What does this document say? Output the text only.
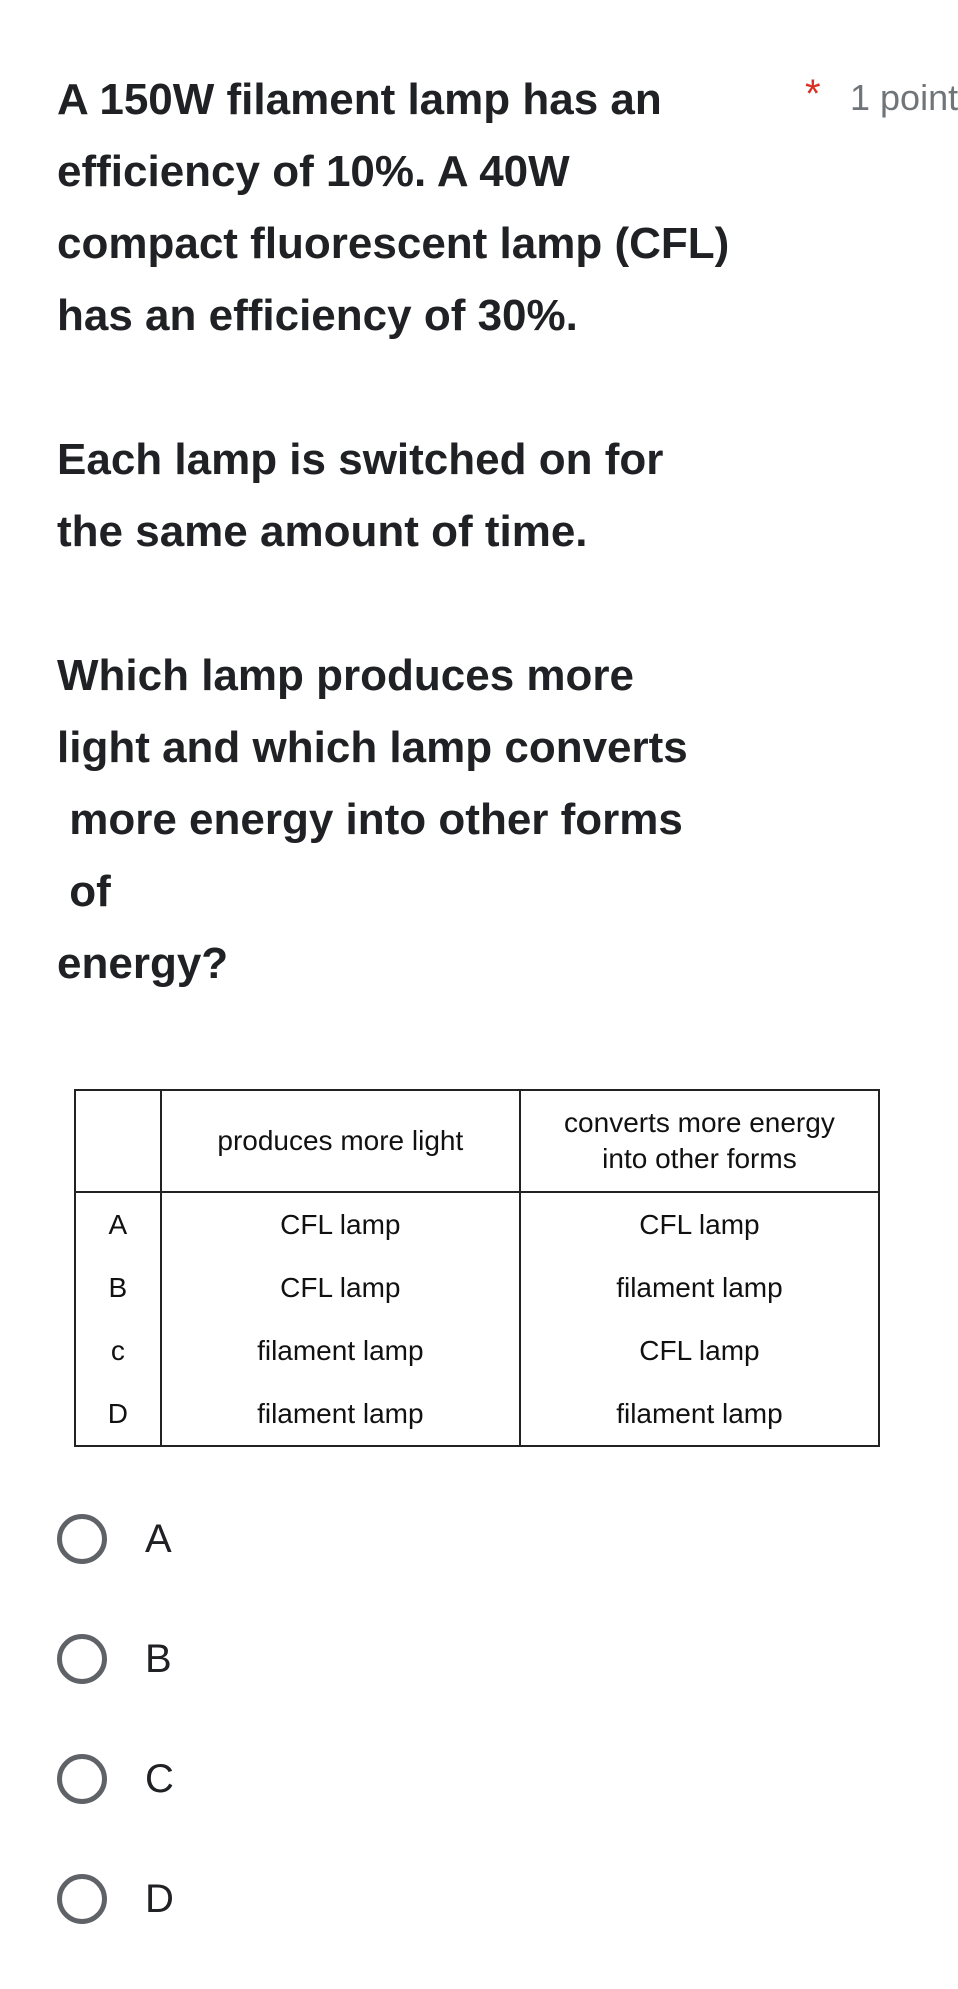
A 150W filament lamp has an
efficiency of 10%. A 40W
compact fluorescent lamp (CFL)
has an efficiency of 30%.

Each lamp is switched on for
the same amount of time.

Which lamp produces more
light and which lamp converts
more energy into other forms
of
energy?
* 1 point
	produces more light	converts more energy
into other forms
A	CFL lamp	CFL lamp
B	CFL lamp	filament lamp
c	filament lamp	CFL lamp
D	filament lamp	filament lamp
A
B
C
D
